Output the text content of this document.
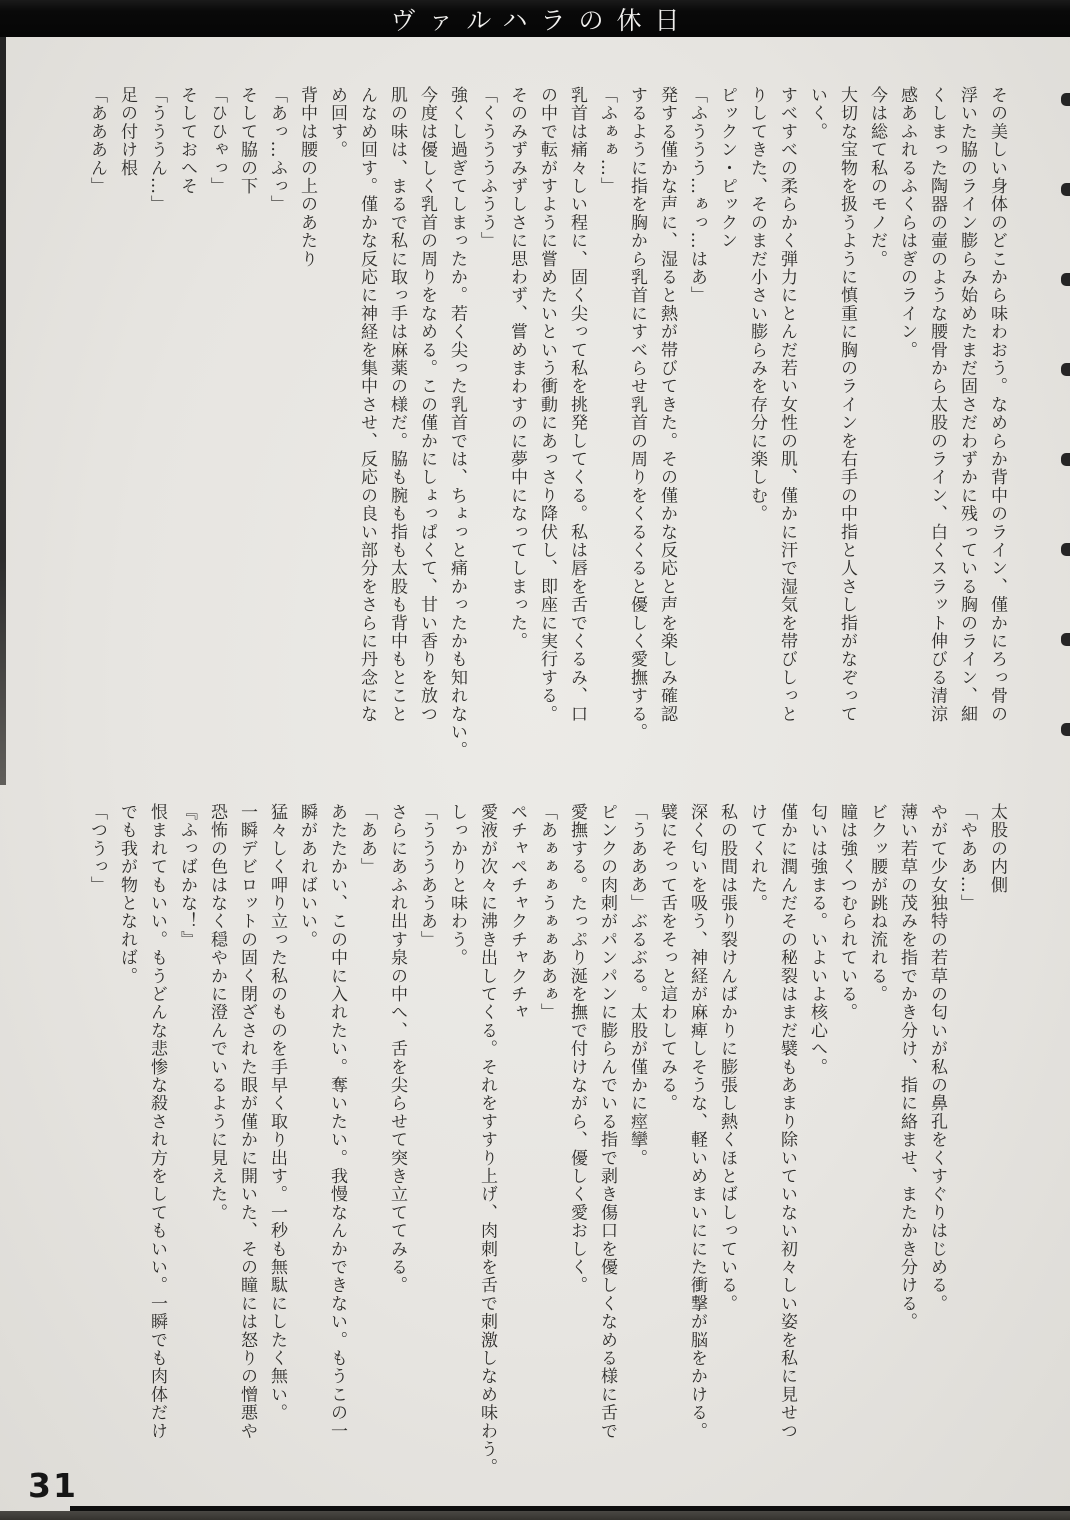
ヴァルハラの休日
その美しい身体のどこから味わおう。なめらか背中のライン、僅かにろっ骨の
浮いた脇のライン膨らみ始めたまだ固さだわずかに残っている胸のライン、細
くしまった陶器の壷のような腰骨から太股のライン、白くスラット伸びる清涼
感あふれるふくらはぎのライン。
今は総て私のモノだ。
大切な宝物を扱うように慎重に胸のラインを右手の中指と人さし指がなぞって
いく。
すべすべの柔らかく弾力にとんだ若い女性の肌、僅かに汗で湿気を帯びしっと
りしてきた、そのまだ小さい膨らみを存分に楽しむ。
ピックン・ピックン
「ふううう…ぁっ…はあ」
発する僅かな声に、湿ると熱が帯びてきた。その僅かな反応と声を楽しみ確認
するように指を胸から乳首にすべらせ乳首の周りをくるくると優しく愛撫する。
「ふぁぁ…」
乳首は痛々しい程に、固く尖って私を挑発してくる。私は唇を舌でくるみ、口
の中で転がすように嘗めたいという衝動にあっさり降伏し、即座に実行する。
そのみずみずしさに思わず、嘗めまわすのに夢中になってしまった。
「くうううふうう」
強くし過ぎてしまったか。若く尖った乳首では、ちょっと痛かったかも知れない。
今度は優しく乳首の周りをなめる。この僅かにしょっぱくて、甘い香りを放つ
肌の味は、まるで私に取っ手は麻薬の様だ。脇も腕も指も太股も背中もとこと
んなめ回す。僅かな反応に神経を集中させ、反応の良い部分をさらに丹念にな
め回す。
背中は腰の上のあたり
「あっ…ふっ」
そして脇の下
「ひひゃっ」
そしておへそ
「うううん…」
足の付け根
「あああん」
太股の内側
「やああ…」
やがて少女独特の若草の匂いが私の鼻孔をくすぐりはじめる。
薄い若草の茂みを指でかき分け、指に絡ませ、またかき分ける。
ビクッ腰が跳ね流れる。
瞳は強くつむられている。
匂いは強まる。いよいよ核心へ。
僅かに潤んだその秘裂はまだ襞もあまり除いていない初々しい姿を私に見せつ
けてくれた。
私の股間は張り裂けんばかりに膨張し熱くほとばしっている。
深く匂いを吸う、神経が麻痺しそうな、軽いめまいににた衝撃が脳をかける。
襞にそって舌をそっと這わしてみる。
「うあああ」ぶるぶる。太股が僅かに痙攣。
ピンクの肉刺がパンパンに膨らんでいる指で剥き傷口を優しくなめる様に舌で
愛撫する。たっぷり涎を撫で付けながら、優しく愛おしく。
「あぁぁぁうぁぁああぁ」
ペチャペチャクチャクチャ
愛液が次々に沸き出してくる。それをすすり上げ、肉刺を舌で刺激しなめ味わう。
しっかりと味わう。
「うううあうあ」
さらにあふれ出す泉の中へ、舌を尖らせて突き立ててみる。
「ああ」
あたたかい、この中に入れたい。奪いたい。我慢なんかできない。もうこの一
瞬があればいい。
猛々しく呷り立った私のものを手早く取り出す。一秒も無駄にしたく無い。
一瞬デビロットの固く閉ざされた眼が僅かに開いた、その瞳には怒りの憎悪や
恐怖の色はなく穏やかに澄んでいるように見えた。
『ふっばかな！』
恨まれてもいい。もうどんな悲惨な殺され方をしてもいい。一瞬でも肉体だけ
でも我が物となれば。
「つうっ」
31
